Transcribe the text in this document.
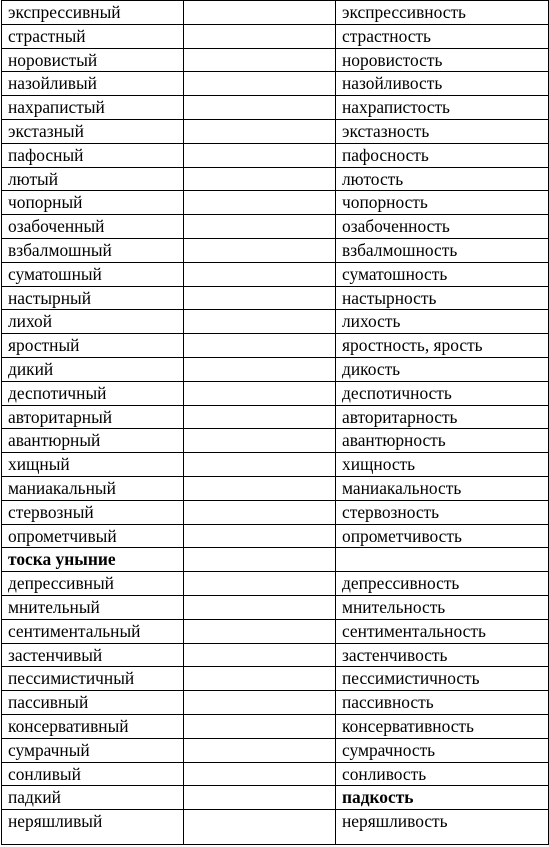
экспрессивный		экспрессивность
страстный		страстность
норовистый		норовистость
назойливый		назойливость
нахрапистый		нахрапистость
экстазный		экстазность
пафосный		пафосность
лютый		лютость
чопорный		чопорность
озабоченный		озабоченность
взбалмошный		взбалмошность
суматошный		суматошность
настырный		настырность
лихой		лихость
яростный		яростность, ярость
дикий		дикость
деспотичный		деспотичность
авторитарный		авторитарность
авантюрный		авантюрность
хищный		хищность
маниакальный		маниакальность
стервозный		стервозность
опрометчивый		опрометчивость
тоска уныние		
депрессивный		депрессивность
мнительный		мнительность
сентиментальный		сентиментальность
застенчивый		застенчивость
пессимистичный		пессимистичность
пассивный		пассивность
консервативный		консервативность
сумрачный		сумрачность
сонливый		сонливость
падкий		падкость
неряшливый		неряшливость
